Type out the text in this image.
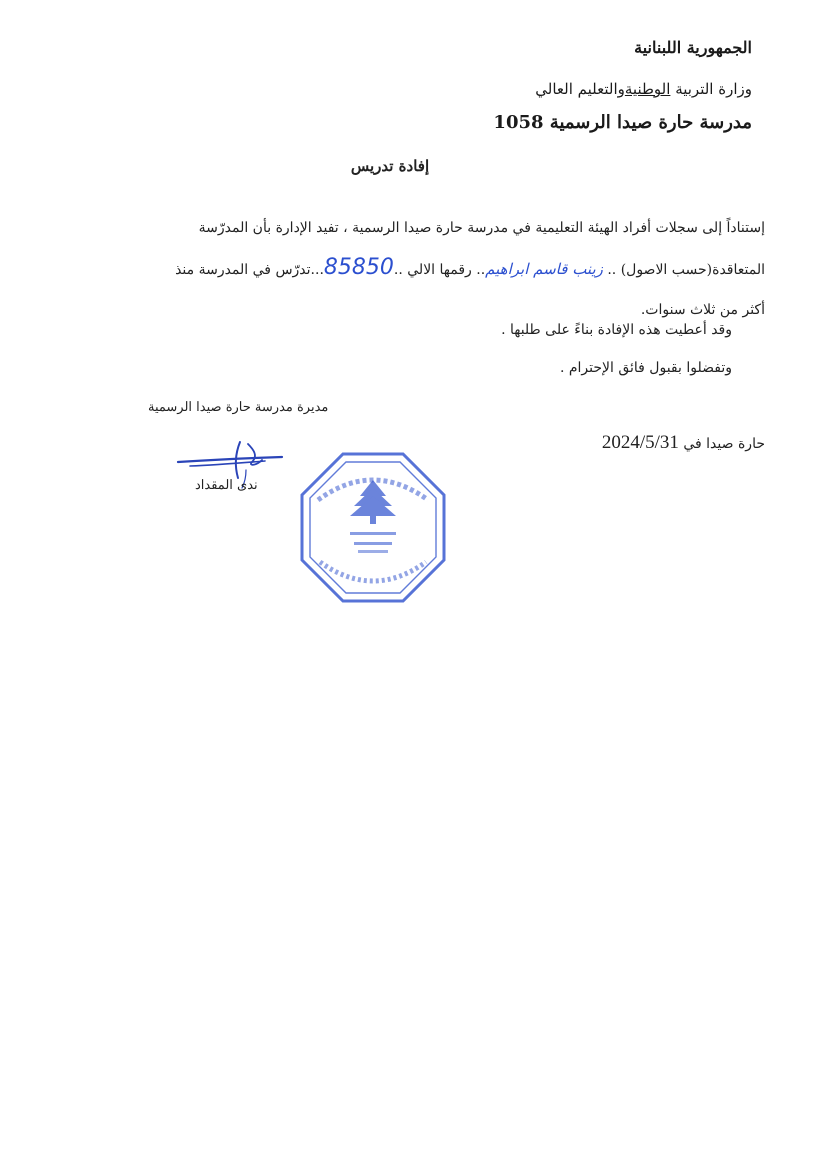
الجمهورية اللبنانية
وزارة التربية الوطنيةوالتعليم العالي
مدرسة حارة صيدا الرسمية 1058
إفادة تدريس
إستناداً إلى سجلات أفراد الهيئة التعليمية في مدرسة حارة صيدا الرسمية ، تفيد الإدارة بأن المدرّسة
المتعاقدة(حسب الاصول) .. زينب قاسم ابراهيم.. رقمها الالي ..85850...تدرّس في المدرسة منذ
أكثر من ثلاث سنوات.
وقد أعطيت هذه الإفادة بناءً على طلبها .
وتفضلوا بقبول فائق الإحترام .
مديرة مدرسة حارة صيدا الرسمية
حارة صيدا في 2024/5/31
ندى المقداد
